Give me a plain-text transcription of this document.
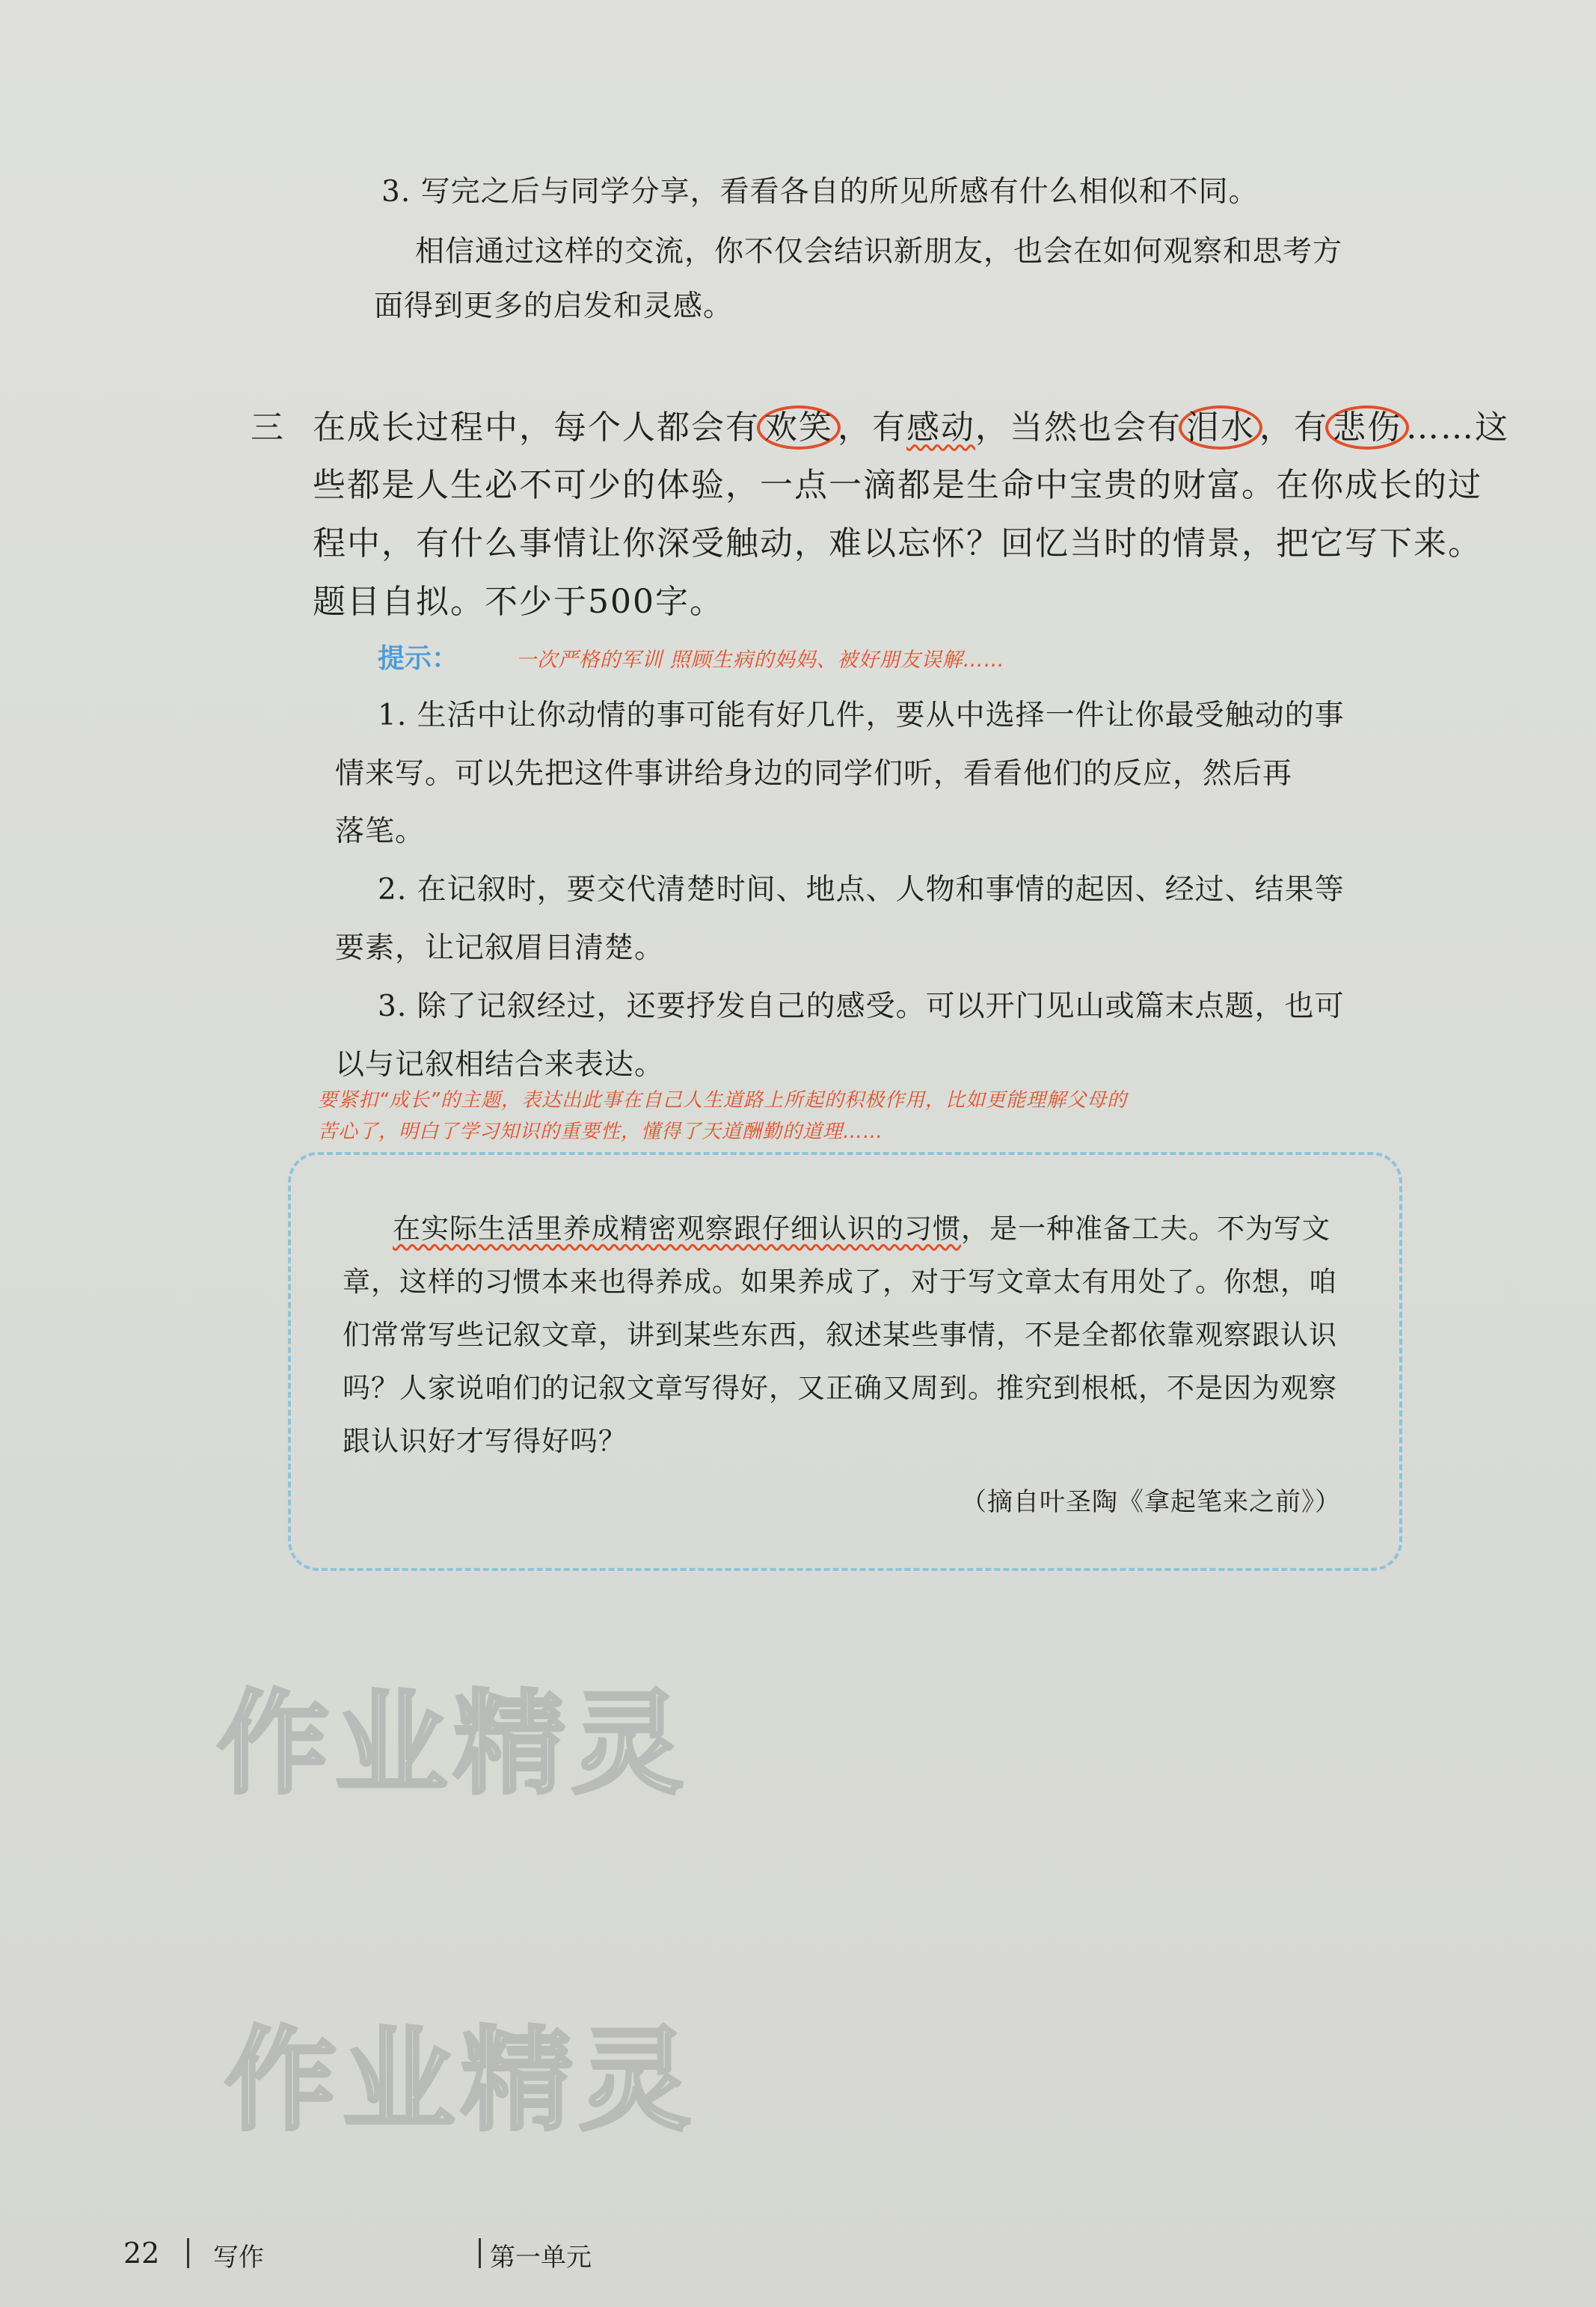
3. 写完之后与同学分享，看看各自的所见所感有什么相似和不同。
相信通过这样的交流，你不仅会结识新朋友，也会在如何观察和思考方
面得到更多的启发和灵感。
三 在成长过程中，每个人都会有 欢笑 ，有感动，当然也会有 泪水 ，有 悲伤 ……这
些都是人生必不可少的体验，一点一滴都是生命中宝贵的财富。在你成长的过
程中，有什么事情让你深受触动，难以忘怀？回忆当时的情景，把它写下来。
题目自拟。不少于500字。
提示：	一次严格的军训 照顾生病的妈妈、被好朋友误解……
1. 生活中让你动情的事可能有好几件，要从中选择一件让你最受触动的事
情来写。可以先把这件事讲给身边的同学们听，看看他们的反应，然后再
落笔。
2. 在记叙时，要交代清楚时间、地点、人物和事情的起因、经过、结果等
要素，让记叙眉目清楚。
3. 除了记叙经过，还要抒发自己的感受。可以开门见山或篇末点题，也可
以与记叙相结合来表达。
要紧扣“成长”的主题，表达出此事在自己人生道路上所起的积极作用，比如更能理解父母的
苦心了，明白了学习知识的重要性，懂得了天道酬勤的道理……
在实际生活里养成精密观察跟仔细认识的习惯，是一种准备工夫。不为写文
章，这样的习惯本来也得养成。如果养成了，对于写文章太有用处了。你想，咱
们常常写些记叙文章，讲到某些东西，叙述某些事情，不是全都依靠观察跟认识
吗？人家说咱们的记叙文章写得好，又正确又周到。推究到根柢，不是因为观察
跟认识好才写得好吗？
（摘自叶圣陶《拿起笔来之前》）
作业精灵
作业精灵
22 写作	第一单元
